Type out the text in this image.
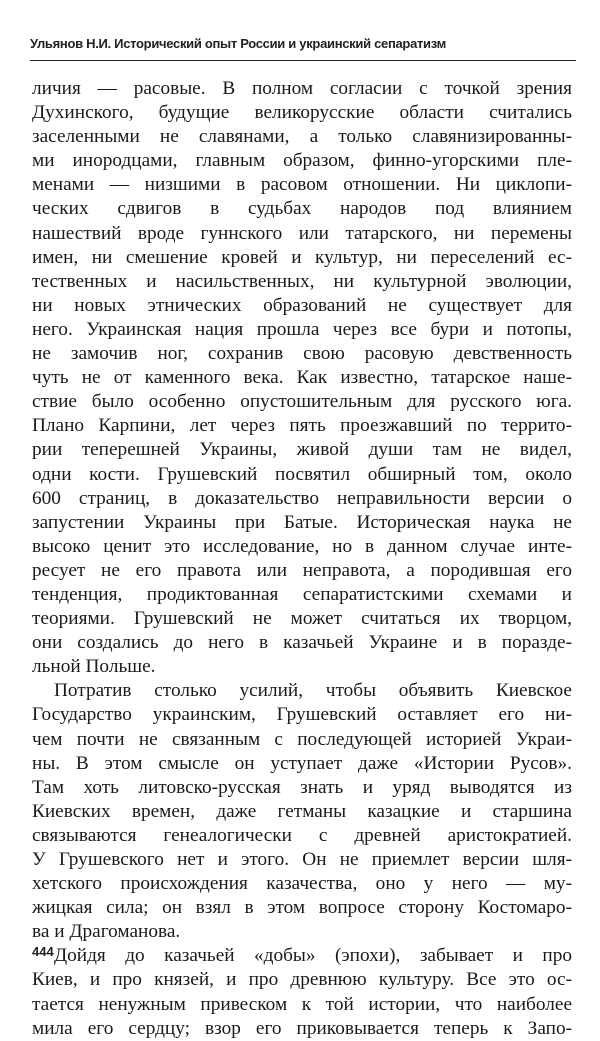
Ульянов Н.И. Исторический опыт России и украинский сепаратизм
личия — расовые. В полном согласии с точкой зрения
Духинского, будущие великорусские области считались
заселенными не славянами, а только славянизированны-
ми инородцами, главным образом, финно-угорскими пле-
менами — низшими в расовом отношении. Ни циклопи-
ческих сдвигов в судьбах народов под влиянием
нашествий вроде гуннского или татарского, ни перемены
имен, ни смешение кровей и культур, ни переселений ес-
тественных и насильственных, ни культурной эволюции,
ни новых этнических образований не существует для
него. Украинская нация прошла через все бури и потопы,
не замочив ног, сохранив свою расовую девственность
чуть не от каменного века. Как известно, татарское наше-
ствие было особенно опустошительным для русского юга.
Плано Карпини, лет через пять проезжавший по террито-
рии теперешней Украины, живой души там не видел,
одни кости. Грушевский посвятил обширный том, около
600 страниц, в доказательство неправильности версии о
запустении Украины при Батые. Историческая наука не
высоко ценит это исследование, но в данном случае инте-
ресует не его правота или неправота, а породившая его
тенденция, продиктованная сепаратистскими схемами и
теориями. Грушевский не может считаться их творцом,
они создались до него в казачьей Украине и в поразде-
льной Польше.
Потратив столько усилий, чтобы объявить Киевское
Государство украинским, Грушевский оставляет его ни-
чем почти не связанным с последующей историей Украи-
ны. В этом смысле он уступает даже «Истории Русов».
Там хоть литовско-русская знать и уряд выводятся из
Киевских времен, даже гетманы казацкие и старшина
связываются генеалогически с древней аристократией.
У Грушевского нет и этого. Он не приемлет версии шля-
хетского происхождения казачества, оно у него — му-
жицкая сила; он взял в этом вопросе сторону Костомаро-
ва и Драгоманова.
Дойдя до казачьей «добы» (эпохи), забывает и про
Киев, и про князей, и про древнюю культуру. Все это ос-
тается ненужным привеском к той истории, что наиболее
мила его сердцу; взор его приковывается теперь к Запо-
444
